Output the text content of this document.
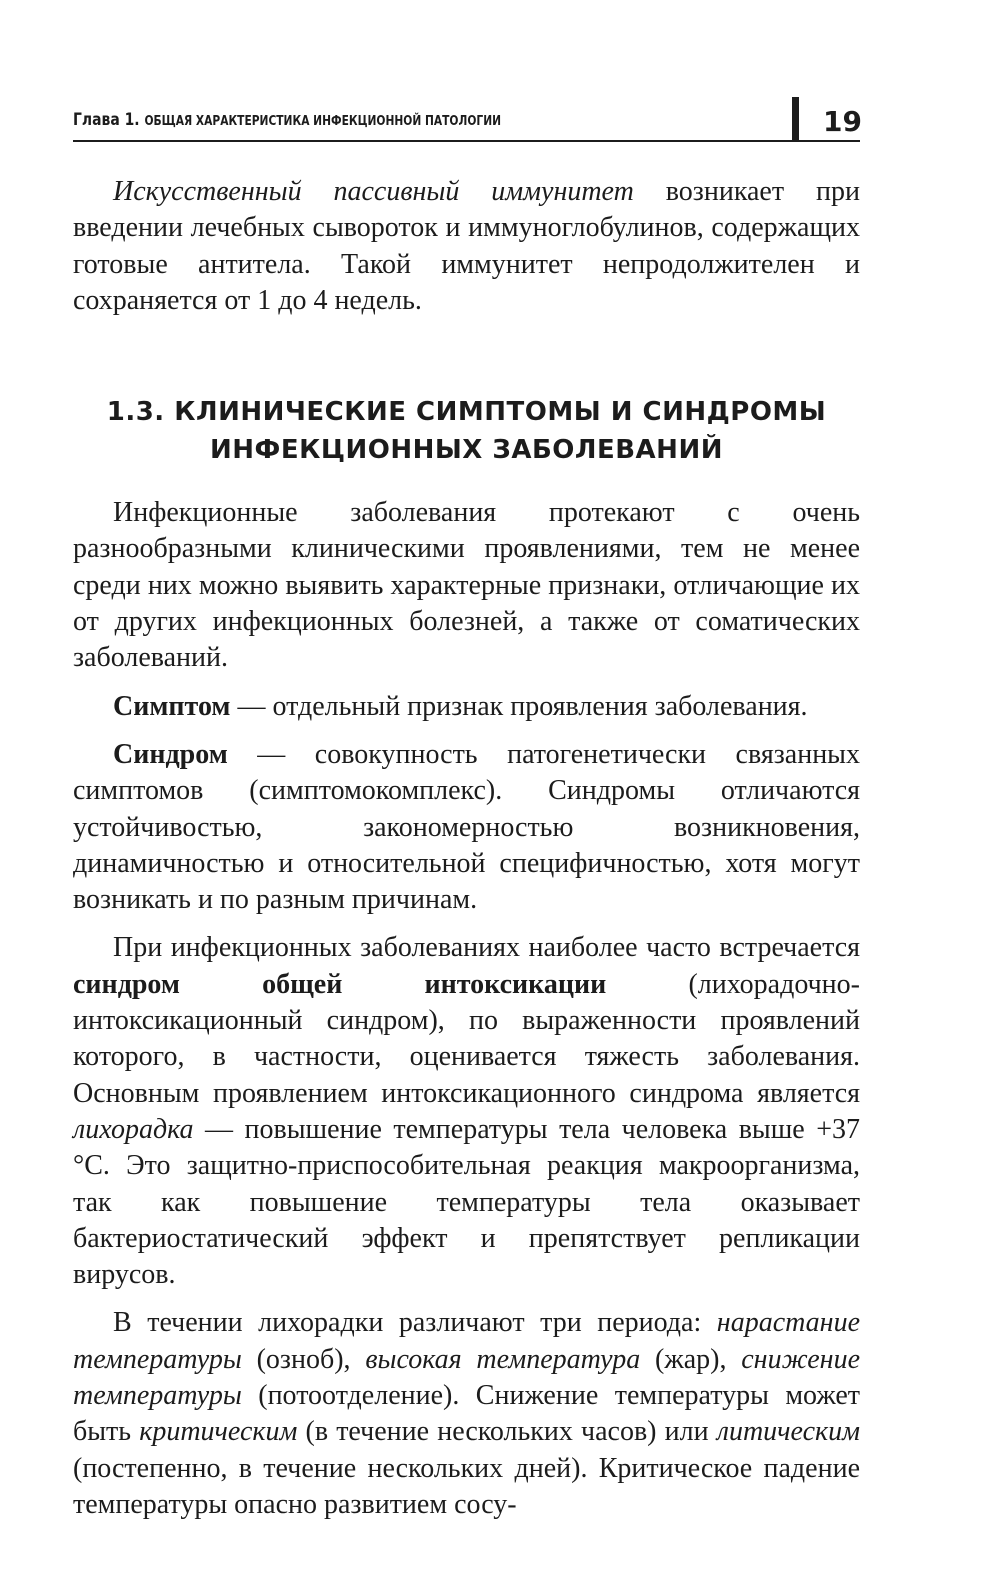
Глава 1. ОБЩАЯ ХАРАКТЕРИСТИКА ИНФЕКЦИОННОЙ ПАТОЛОГИИ	19

Искусственный пассивный иммунитет возникает при введении лечебных сывороток и иммуноглобулинов, содержащих готовые антитела. Такой иммунитет непродолжителен и сохраняется от 1 до 4 недель.

1.3. КЛИНИЧЕСКИЕ СИМПТОМЫ И СИНДРОМЫ
ИНФЕКЦИОННЫХ ЗАБОЛЕВАНИЙ

Инфекционные заболевания протекают с очень разнообразными клиническими проявлениями, тем не менее среди них можно выявить характерные признаки, отличающие их от других инфекционных болезней, а также от соматических заболеваний.

Симптом — отдельный признак проявления заболевания.

Синдром — совокупность патогенетически связанных симптомов (симптомокомплекс). Синдромы отличаются устойчивостью, закономерностью возникновения, динамичностью и относительной специфичностью, хотя могут возникать и по разным причинам.

При инфекционных заболеваниях наиболее часто встречается синдром общей интоксикации (лихорадочно-интоксикационный синдром), по выраженности проявлений которого, в частности, оценивается тяжесть заболевания. Основным проявлением интоксикационного синдрома является лихорадка — повышение температуры тела человека выше +37 °С. Это защитно-приспособительная реакция макроорганизма, так как повышение температуры тела оказывает бактериостатический эффект и препятствует репликации вирусов.

В течении лихорадки различают три периода: нарастание температуры (озноб), высокая температура (жар), снижение температуры (потоотделение). Снижение температуры может быть критическим (в течение нескольких часов) или литическим (постепенно, в течение нескольких дней). Критическое падение температуры опасно развитием сосу-
